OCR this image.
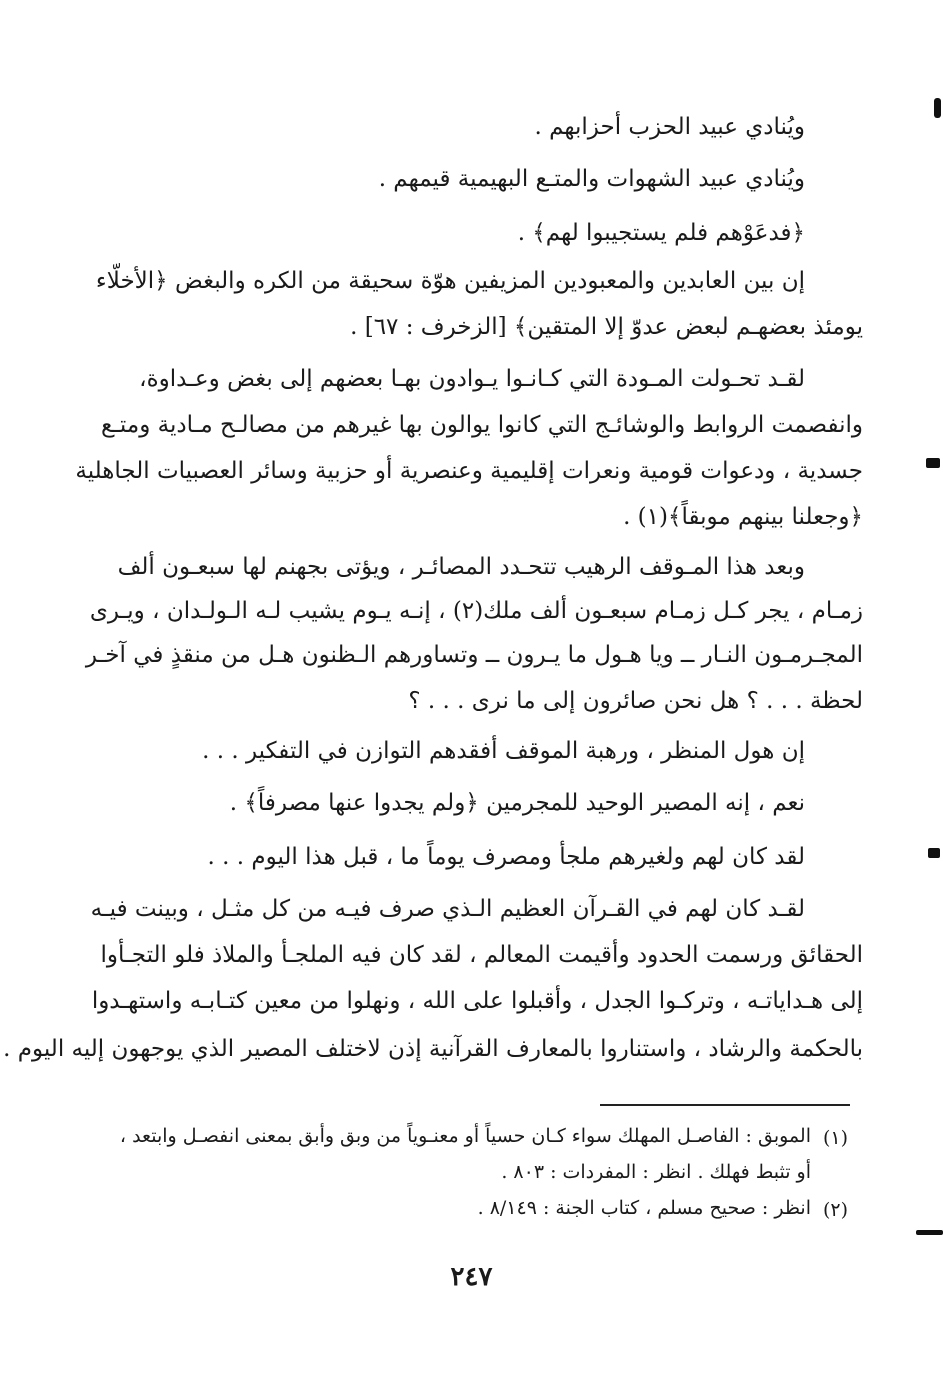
ويُنادي عبيد الحزب أحزابهم .
ويُنادي عبيد الشهوات والمتـع البهيمية قيمهم .
﴿فدعَوْهم فلم يستجيبوا لهم﴾ .
إن بين العابدين والمعبودين المزيفين هوّة سحيقة من الكره والبغض ﴿الأخلّاء
يومئذ بعضهـم لبعض عدوّ إلا المتقين﴾ [الزخرف : ٦٧] .
لقـد تحـولت المـودة التي كـانـوا يـوادون بهـا بعضهم إلى بغض وعـداوة،
وانفصمت الروابط والوشائـج التي كانوا يوالون بها غيرهم من مصالـح مـادية ومتـع
جسدية ، ودعوات قومية ونعرات إقليمية وعنصرية أو حزبية وسائر العصبيات الجاهلية
﴿وجعلنا بينهم موبقاً﴾(١) .
وبعد هذا المـوقف الرهيب تتحـدد المصائـر ، ويؤتى بجهنم لها سبعـون ألف
زمـام ، يجر كـل زمـام سبعـون ألف ملك(٢) ، إنـه يـوم يشيب لـه الـولـدان ، ويـرى
المجـرمـون النـار ــ ويا هـول ما يـرون ــ وتساورهم الـظنون هـل من منقذٍ في آخـر
لحظة . . . ؟ هل نحن صائرون إلى ما نرى . . . ؟
إن هول المنظر ، ورهبة الموقف أفقدهم التوازن في التفكير . . .
نعم ، إنه المصير الوحيد للمجرمين ﴿ولم يجدوا عنها مصرفاً﴾ .
لقد كان لهم ولغيرهم ملجأ ومصرف يوماً ما ، قبل هذا اليوم . . .
لقـد كان لهم في القـرآن العظيم الـذي صرف فيـه من كل مثـل ، وبينت فيـه
الحقائق ورسمت الحدود وأقيمت المعالم ، لقد كان فيه الملجـأ والملاذ فلو التجـأوا
إلى هـداياتـه ، وتركـوا الجدل ، وأقبلوا على الله ، ونهلوا من معين كتـابـه واستهـدوا
بالحكمة والرشاد ، واستناروا بالمعارف القرآنية إذن لاختلف المصير الذي يوجهون إليه اليوم .
(١)
الموبق : الفاصـل المهلك سواء كـان حسياً أو معنـوياً من وبق وأبق بمعنى انفصـل وابتعد ،
أو تثبط فهلك . انظر : المفردات : ٨٠٣ .
(٢)
انظر : صحيح مسلم ، كتاب الجنة : ٨/١٤٩ .
٢٤٧
